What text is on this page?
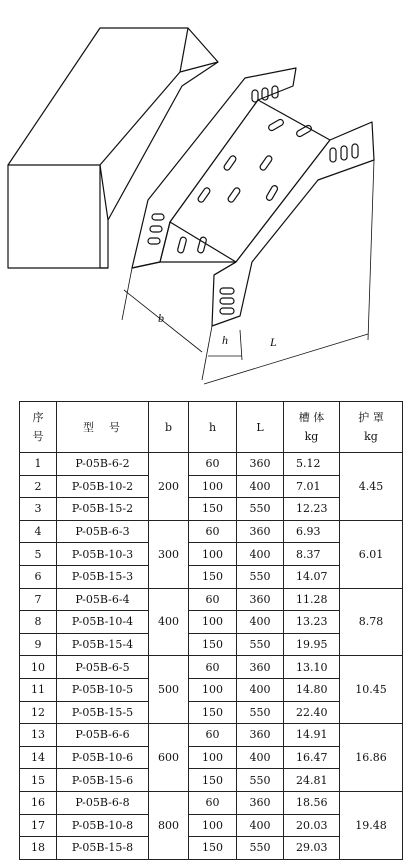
b
h	L
序
号	型　号	b	h	L	槽 体
kg	护 罩
kg

1	P-05B-6-2	200	60	360	5.12	4.45
2	P-05B-10-2		100	400	7.01	
3	P-05B-15-2		150	550	12.23	
4	P-05B-6-3	300	60	360	6.93	6.01
5	P-05B-10-3		100	400	8.37	
6	P-05B-15-3		150	550	14.07	
7	P-05B-6-4	400	60	360	11.28	8.78
8	P-05B-10-4		100	400	13.23	
9	P-05B-15-4		150	550	19.95	
10	P-05B-6-5	500	60	360	13.10	10.45
11	P-05B-10-5		100	400	14.80	
12	P-05B-15-5		150	550	22.40	
13	P-05B-6-6	600	60	360	14.91	16.86
14	P-05B-10-6		100	400	16.47	
15	P-05B-15-6		150	550	24.81	
16	P-05B-6-8	800	60	360	18.56	19.48
17	P-05B-10-8		100	400	20.03	
18	P-05B-15-8		150	550	29.03	
